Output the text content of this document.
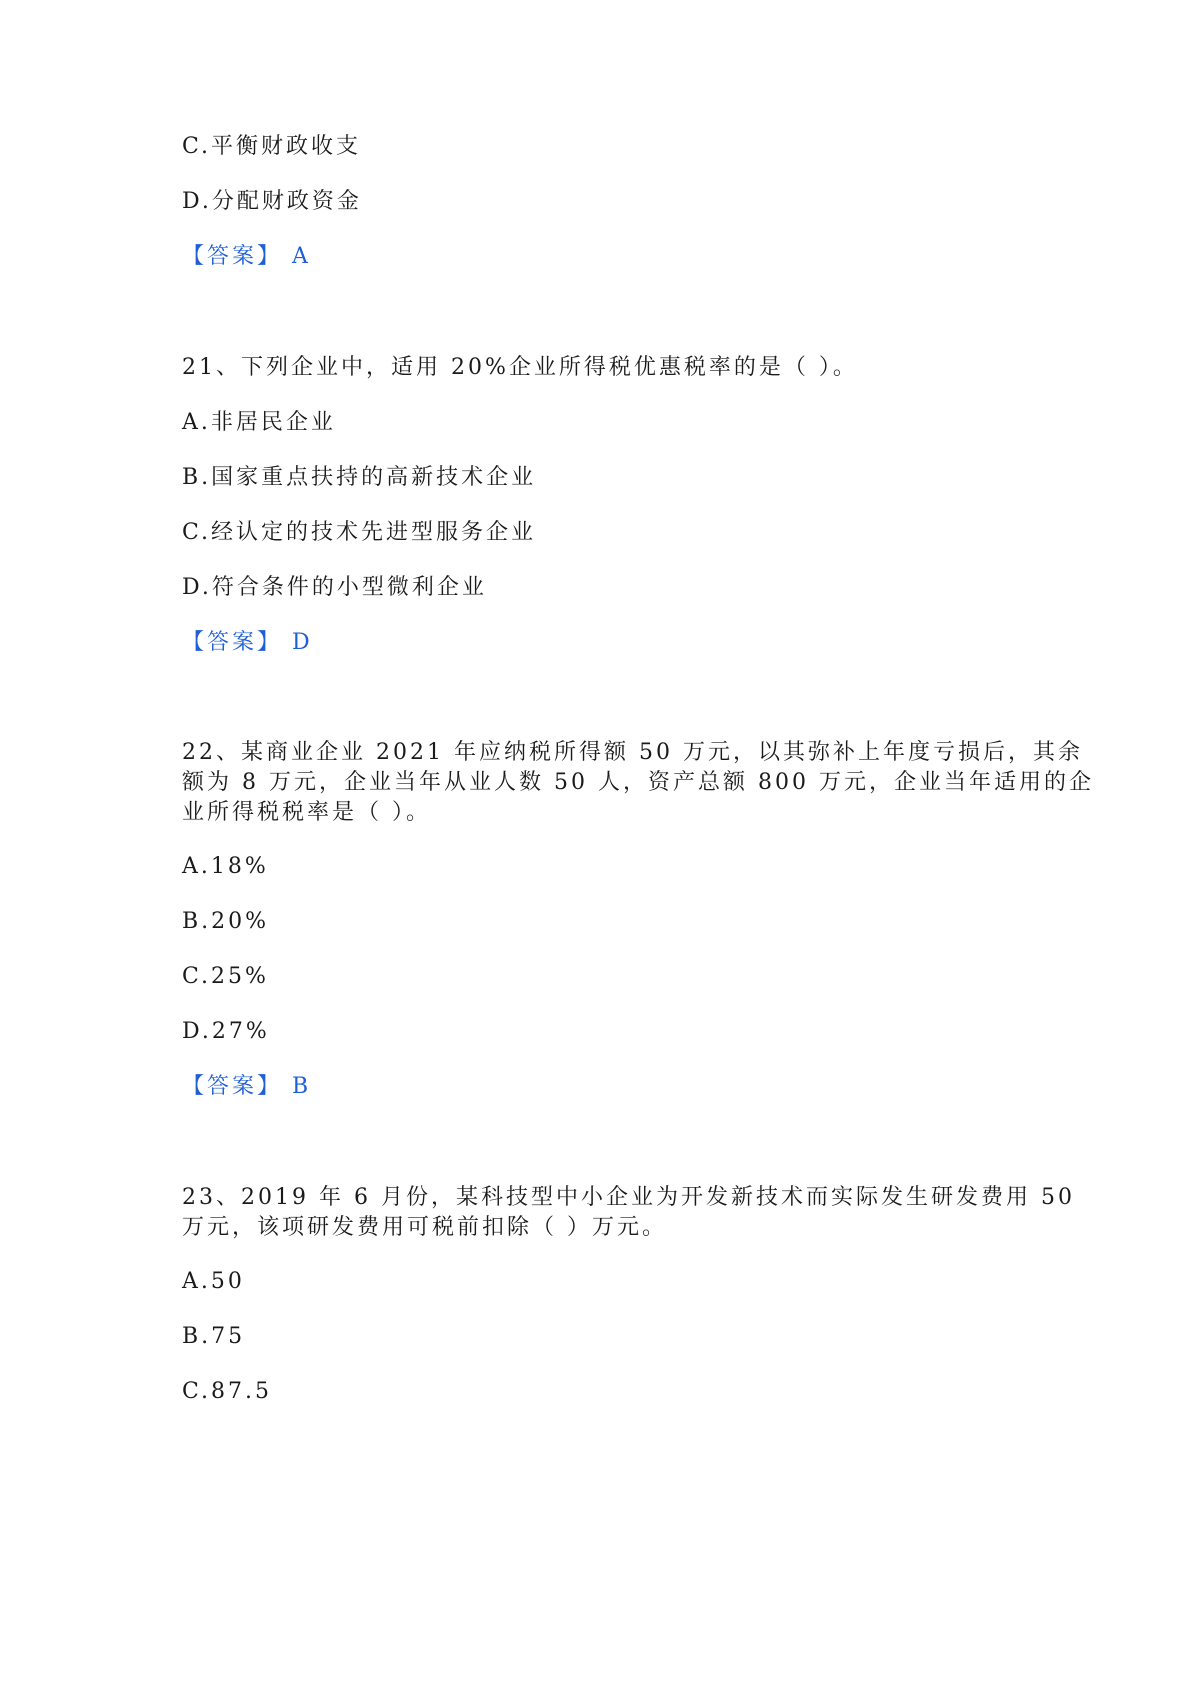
C.平衡财政收支
D.分配财政资金
【答案】 A
21、下列企业中，适用 20%企业所得税优惠税率的是（ ）。
A.非居民企业
B.国家重点扶持的高新技术企业
C.经认定的技术先进型服务企业
D.符合条件的小型微利企业
【答案】 D
22、某商业企业 2021 年应纳税所得额 50 万元，以其弥补上年度亏损后，其余
额为 8 万元，企业当年从业人数 50 人，资产总额 800 万元，企业当年适用的企
业所得税税率是（ ）。
A.18%
B.20%
C.25%
D.27%
【答案】 B
23、2019 年 6 月份，某科技型中小企业为开发新技术而实际发生研发费用 50
万元，该项研发费用可税前扣除（ ）万元。
A.50
B.75
C.87.5
